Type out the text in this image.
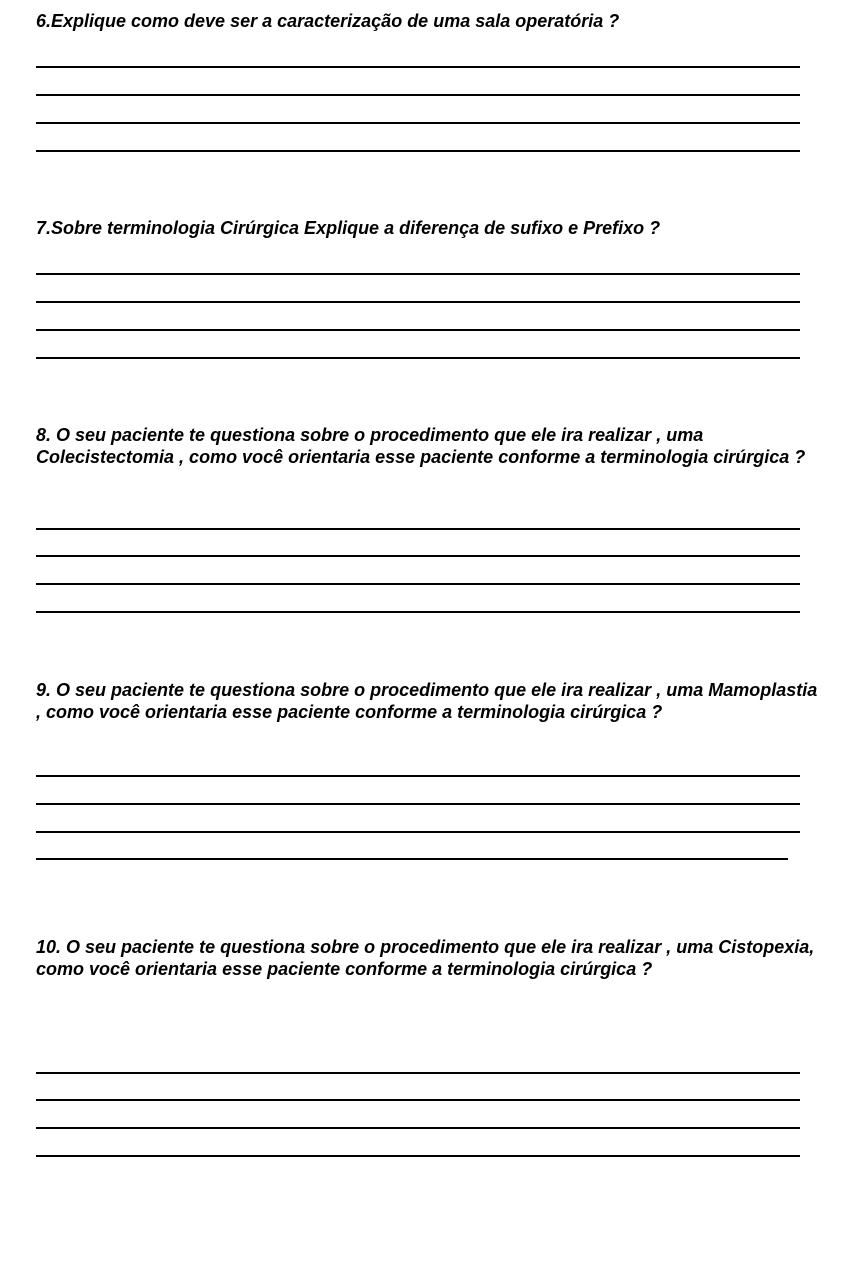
6.Explique como deve ser a caracterização de uma sala operatória ?

7.Sobre terminologia Cirúrgica Explique a diferença de sufixo e Prefixo ?

8. O seu paciente te questiona sobre o procedimento que ele ira realizar , uma Colecistectomia , como você orientaria esse paciente conforme a terminologia cirúrgica ?

9. O seu paciente te questiona sobre o procedimento que ele ira realizar , uma Mamoplastia  , como você orientaria esse paciente conforme a terminologia cirúrgica ?

10. O seu paciente te questiona sobre o procedimento que ele ira realizar , uma Cistopexia, como você orientaria esse paciente conforme a terminologia cirúrgica ?
